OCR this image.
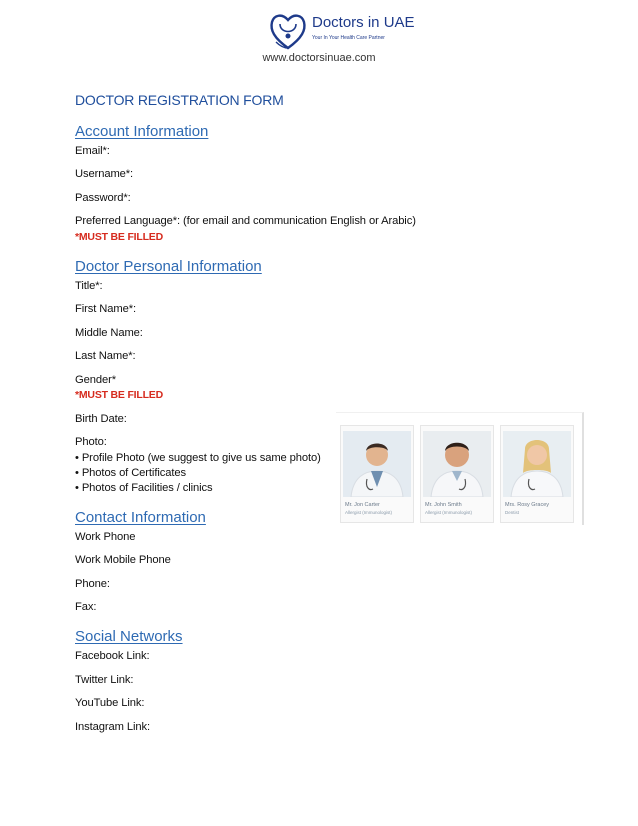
Doctors in UAE
Your In Your Health Care Partner
www.doctorsinuae.com
DOCTOR REGISTRATION FORM
Account Information
Email*:
Username*:
Password*:
Preferred Language*: (for email and communication English or Arabic)
*MUST BE FILLED
Doctor Personal Information
Title*:
First Name*:
Middle Name:
Last Name*:
Gender*
*MUST BE FILLED
Birth Date:
Photo:
• Profile Photo (we suggest to give us same photo)
• Photos of Certificates
• Photos of Facilities / clinics
Mr. Jon Carter
Allergist (Immunologist)
Mr. John Smith
Allergist (Immunologist)
Mrs. Rosy Gracey
Dentist
Contact Information
Work Phone
Work Mobile Phone
Phone:
Fax:
Social Networks
Facebook Link:
Twitter Link:
YouTube Link:
Instagram Link:
